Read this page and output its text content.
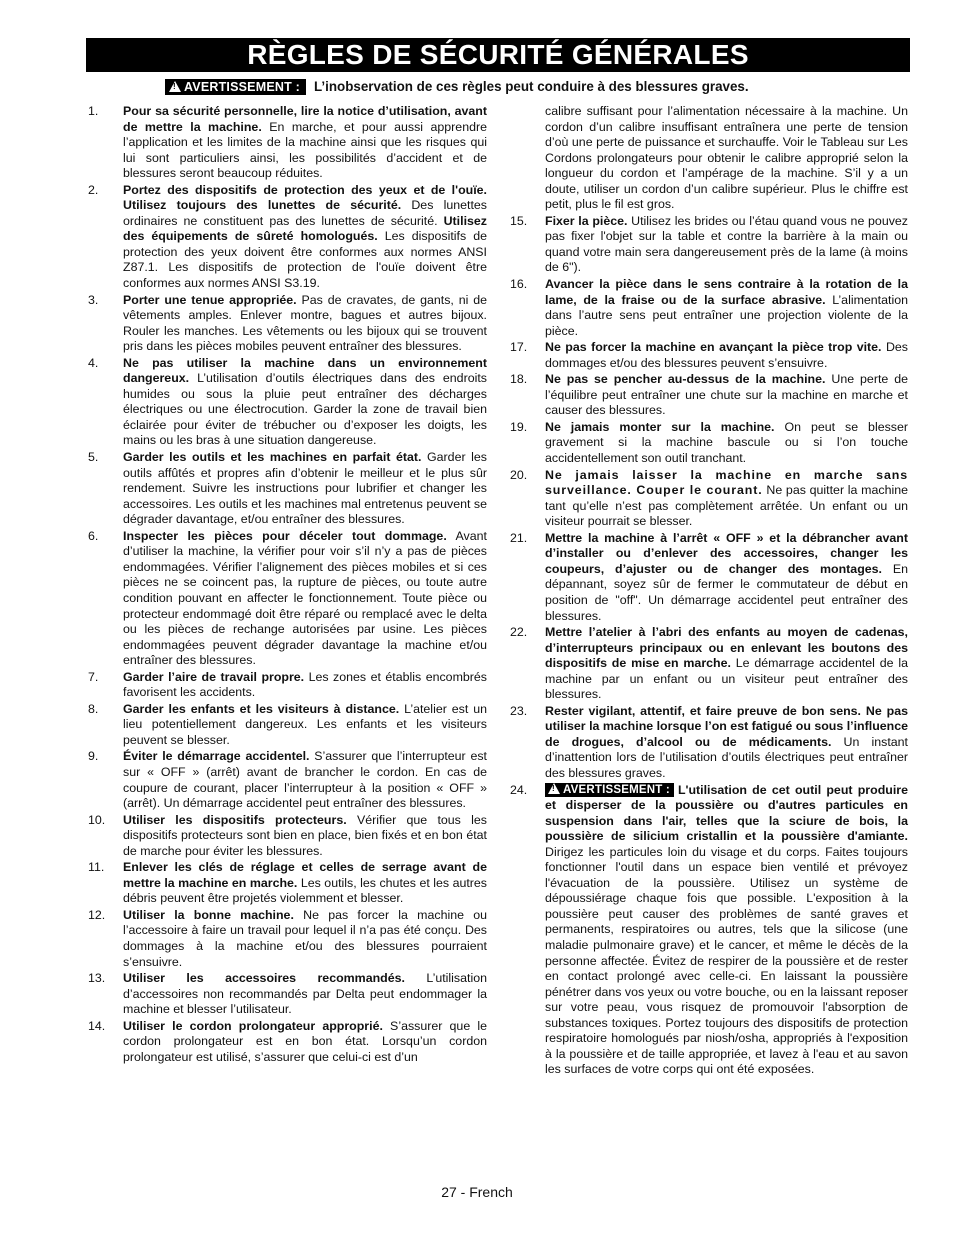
RÈGLES DE SÉCURITÉ GÉNÉRALES
!AVERTISSEMENT : L’inobservation de ces règles peut conduire à des blessures graves.
1. Pour sa sécurité personnelle, lire la notice d’utilisation, avant de mettre la machine. En marche, et pour aussi apprendre l’application et les limites de la machine ainsi que les risques qui lui sont particuliers ainsi, les possibilités d’accident et de blessures seront beaucoup réduites.
2. Portez des dispositifs de protection des yeux et de l'ouïe. Utilisez toujours des lunettes de sécurité. Des lunettes ordinaires ne constituent pas des lunettes de sécurité. Utilisez des équipements de sûreté homologués. Les dispositifs de protection des yeux doivent être conformes aux normes ANSI Z87.1. Les dispositifs de protection de l'ouïe doivent être conformes aux normes ANSI S3.19.
3. Porter une tenue appropriée. Pas de cravates, de gants, ni de vêtements amples. Enlever montre, bagues et autres bijoux. Rouler les manches. Les vêtements ou les bijoux qui se trouvent pris dans les pièces mobiles peuvent entraîner des blessures.
4. Ne pas utiliser la machine dans un environnement dangereux. L’utilisation d’outils électriques dans des endroits humides ou sous la pluie peut entraîner des décharges électriques ou une électrocution. Garder la zone de travail bien éclairée pour éviter de trébucher ou d’exposer les doigts, les mains ou les bras à une situation dangereuse.
5. Garder les outils et les machines en parfait état. Garder les outils affûtés et propres afin d’obtenir le meilleur et le plus sûr rendement. Suivre les instructions pour lubrifier et changer les accessoires. Les outils et les machines mal entretenus peuvent se dégrader davantage, et/ou entraîner des blessures.
6. Inspecter les pièces pour déceler tout dommage. Avant d’utiliser la machine, la vérifier pour voir s’il n’y a pas de pièces endommagées. Vérifier l’alignement des pièces mobiles et si ces pièces ne se coincent pas, la rupture de pièces, ou toute autre condition pouvant en affecter le fonctionnement. Toute pièce ou protecteur endommagé doit être réparé ou remplacé avec le delta ou les pièces de rechange autorisées par usine. Les pièces endommagées peuvent dégrader davantage la machine et/ou entraîner des blessures.
7. Garder l’aire de travail propre. Les zones et établis encombrés favorisent les accidents.
8. Garder les enfants et les visiteurs à distance. L’atelier est un lieu potentiellement dangereux. Les enfants et les visiteurs peuvent se blesser.
9. Éviter le démarrage accidentel. S’assurer que l’interrupteur est sur « OFF » (arrêt) avant de brancher le cordon. En cas de coupure de courant, placer l’interrupteur à la position « OFF » (arrêt). Un démarrage accidentel peut entraîner des blessures.
10. Utiliser les dispositifs protecteurs. Vérifier que tous les dispositifs protecteurs sont bien en place, bien fixés et en bon état de marche pour éviter les blessures.
11. Enlever les clés de réglage et celles de serrage avant de mettre la machine en marche. Les outils, les chutes et les autres débris peuvent être projetés violemment et blesser.
12. Utiliser la bonne machine. Ne pas forcer la machine ou l’accessoire à faire un travail pour lequel il n’a pas été conçu. Des dommages à la machine et/ou des blessures pourraient s’ensuivre.
13. Utiliser les accessoires recommandés. L’utilisation d’accessoires non recommandés par Delta peut endommager la machine et blesser l’utilisateur.
14. Utiliser le cordon prolongateur approprié. S’assurer que le cordon prolongateur est en bon état. Lorsqu’un cordon prolongateur est utilisé, s’assurer que celui-ci est d’un
calibre suffisant pour l’alimentation nécessaire à la machine. Un cordon d’un calibre insuffisant entraînera une perte de tension d’où une perte de puissance et surchauffe. Voir le Tableau sur Les Cordons prolongateurs pour obtenir le calibre approprié selon la longueur du cordon et l’ampérage de la machine. S’il y a un doute, utiliser un cordon d’un calibre supérieur. Plus le chiffre est petit, plus le fil est gros.
15. Fixer la pièce. Utilisez les brides ou l’étau quand vous ne pouvez pas fixer l'objet sur la table et contre la barrière à la main ou quand votre main sera dangereusement près de la lame (à moins de 6").
16. Avancer la pièce dans le sens contraire à la rotation de la lame, de la fraise ou de la surface abrasive. L’alimentation dans l’autre sens peut entraîner une projection violente de la pièce.
17. Ne pas forcer la machine en avançant la pièce trop vite. Des dommages et/ou des blessures peuvent s’ensuivre.
18. Ne pas se pencher au-dessus de la machine. Une perte de l’équilibre peut entraîner une chute sur la machine en marche et causer des blessures.
19. Ne jamais monter sur la machine. On peut se blesser gravement si la machine bascule ou si l’on touche accidentellement son outil tranchant.
20. Ne jamais laisser la machine en marche sans surveillance. Couper le courant. Ne pas quitter la machine tant qu’elle n’est pas complètement arrêtée. Un enfant ou un visiteur pourrait se blesser.
21. Mettre la machine à l’arrêt « OFF » et la débrancher avant d’installer ou d’enlever des accessoires, changer les coupeurs, d’ajuster ou de changer des montages. En dépannant, soyez sûr de fermer le commutateur de début en position de "off". Un démarrage accidentel peut entraîner des blessures.
22. Mettre l’atelier à l’abri des enfants au moyen de cadenas, d’interrupteurs principaux ou en enlevant les boutons des dispositifs de mise en marche. Le démarrage accidentel de la machine par un enfant ou un visiteur peut entraîner des blessures.
23. Rester vigilant, attentif, et faire preuve de bon sens. Ne pas utiliser la machine lorsque l’on est fatigué ou sous l’influence de drogues, d’alcool ou de médicaments. Un instant d’inattention lors de l’utilisation d’outils électriques peut entraîner des blessures graves.
24.
!	AVERTISSEMENT : L'utilisation de cet outil peut produire et disperser de la poussière ou d'autres particules en suspension dans l'air, telles que la sciure de bois, la poussière de silicium cristallin et la poussière d'amiante. Dirigez les particules loin du visage et du corps. Faites toujours fonctionner l'outil dans un espace bien ventilé et prévoyez l'évacuation de la poussière. Utilisez un système de dépoussiérage chaque fois que possible. L'exposition à la poussière peut causer des problèmes de santé graves et permanents, respiratoires ou autres, tels que la silicose (une maladie pulmonaire grave) et le cancer, et même le décès de la personne affectée. Évitez de respirer de la poussière et de rester en contact prolongé avec celle-ci. En laissant la poussière pénétrer dans vos yeux ou votre bouche, ou en la laissant reposer sur votre peau, vous risquez de promouvoir l'absorption de substances toxiques. Portez toujours des dispositifs de protection respiratoire homologués par niosh/osha, appropriés à l'exposition à la poussière et de taille appropriée, et lavez à l'eau et au savon les surfaces de votre corps qui ont été exposées.
27 - French
